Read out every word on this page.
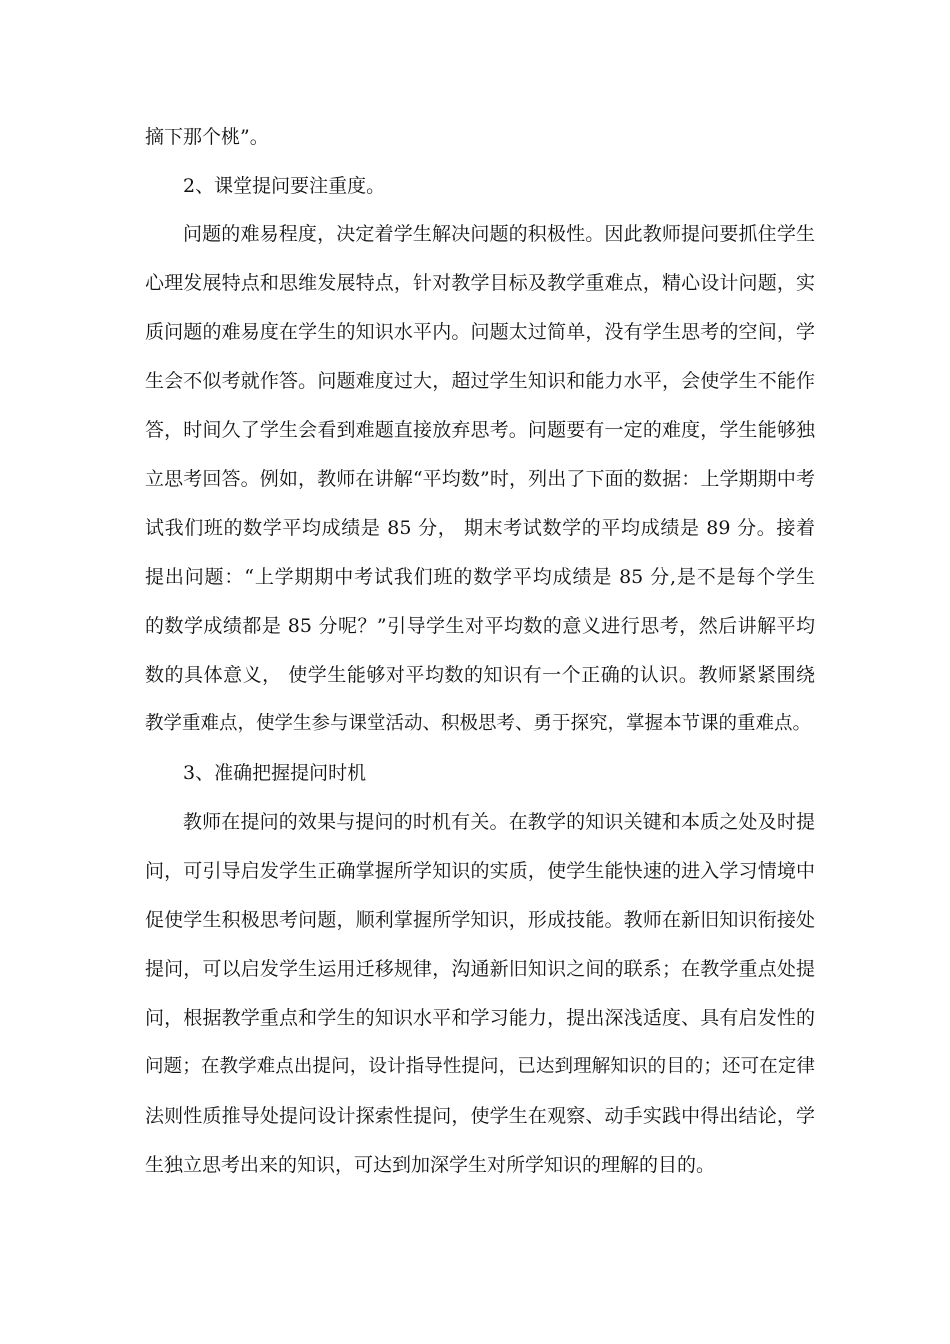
摘下那个桃”。
2、课堂提问要注重度。
问题的难易程度，决定着学生解决问题的积极性。因此教师提问要抓住学生
心理发展特点和思维发展特点，针对教学目标及教学重难点，精心设计问题，实
质问题的难易度在学生的知识水平内。问题太过简单，没有学生思考的空间，学
生会不似考就作答。问题难度过大，超过学生知识和能力水平，会使学生不能作
答，时间久了学生会看到难题直接放弃思考。问题要有一定的难度，学生能够独
立思考回答。例如，教师在讲解“平均数”时，列出了下面的数据：上学期期中考
试我们班的数学平均成绩是 85 分， 期末考试数学的平均成绩是 89 分。接着
提出问题：“上学期期中考试我们班的数学平均成绩是 85 分,是不是每个学生
的数学成绩都是 85 分呢？”引导学生对平均数的意义进行思考，然后讲解平均
数的具体意义， 使学生能够对平均数的知识有一个正确的认识。教师紧紧围绕
教学重难点，使学生参与课堂活动、积极思考、勇于探究，掌握本节课的重难点。
3、准确把握提问时机
教师在提问的效果与提问的时机有关。在教学的知识关键和本质之处及时提
问，可引导启发学生正确掌握所学知识的实质，使学生能快速的进入学习情境中
促使学生积极思考问题，顺利掌握所学知识，形成技能。教师在新旧知识衔接处
提问，可以启发学生运用迁移规律，沟通新旧知识之间的联系；在教学重点处提
问，根据教学重点和学生的知识水平和学习能力，提出深浅适度、具有启发性的
问题；在教学难点出提问，设计指导性提问，已达到理解知识的目的；还可在定律
法则性质推导处提问设计探索性提问，使学生在观察、动手实践中得出结论，学
生独立思考出来的知识，可达到加深学生对所学知识的理解的目的。
